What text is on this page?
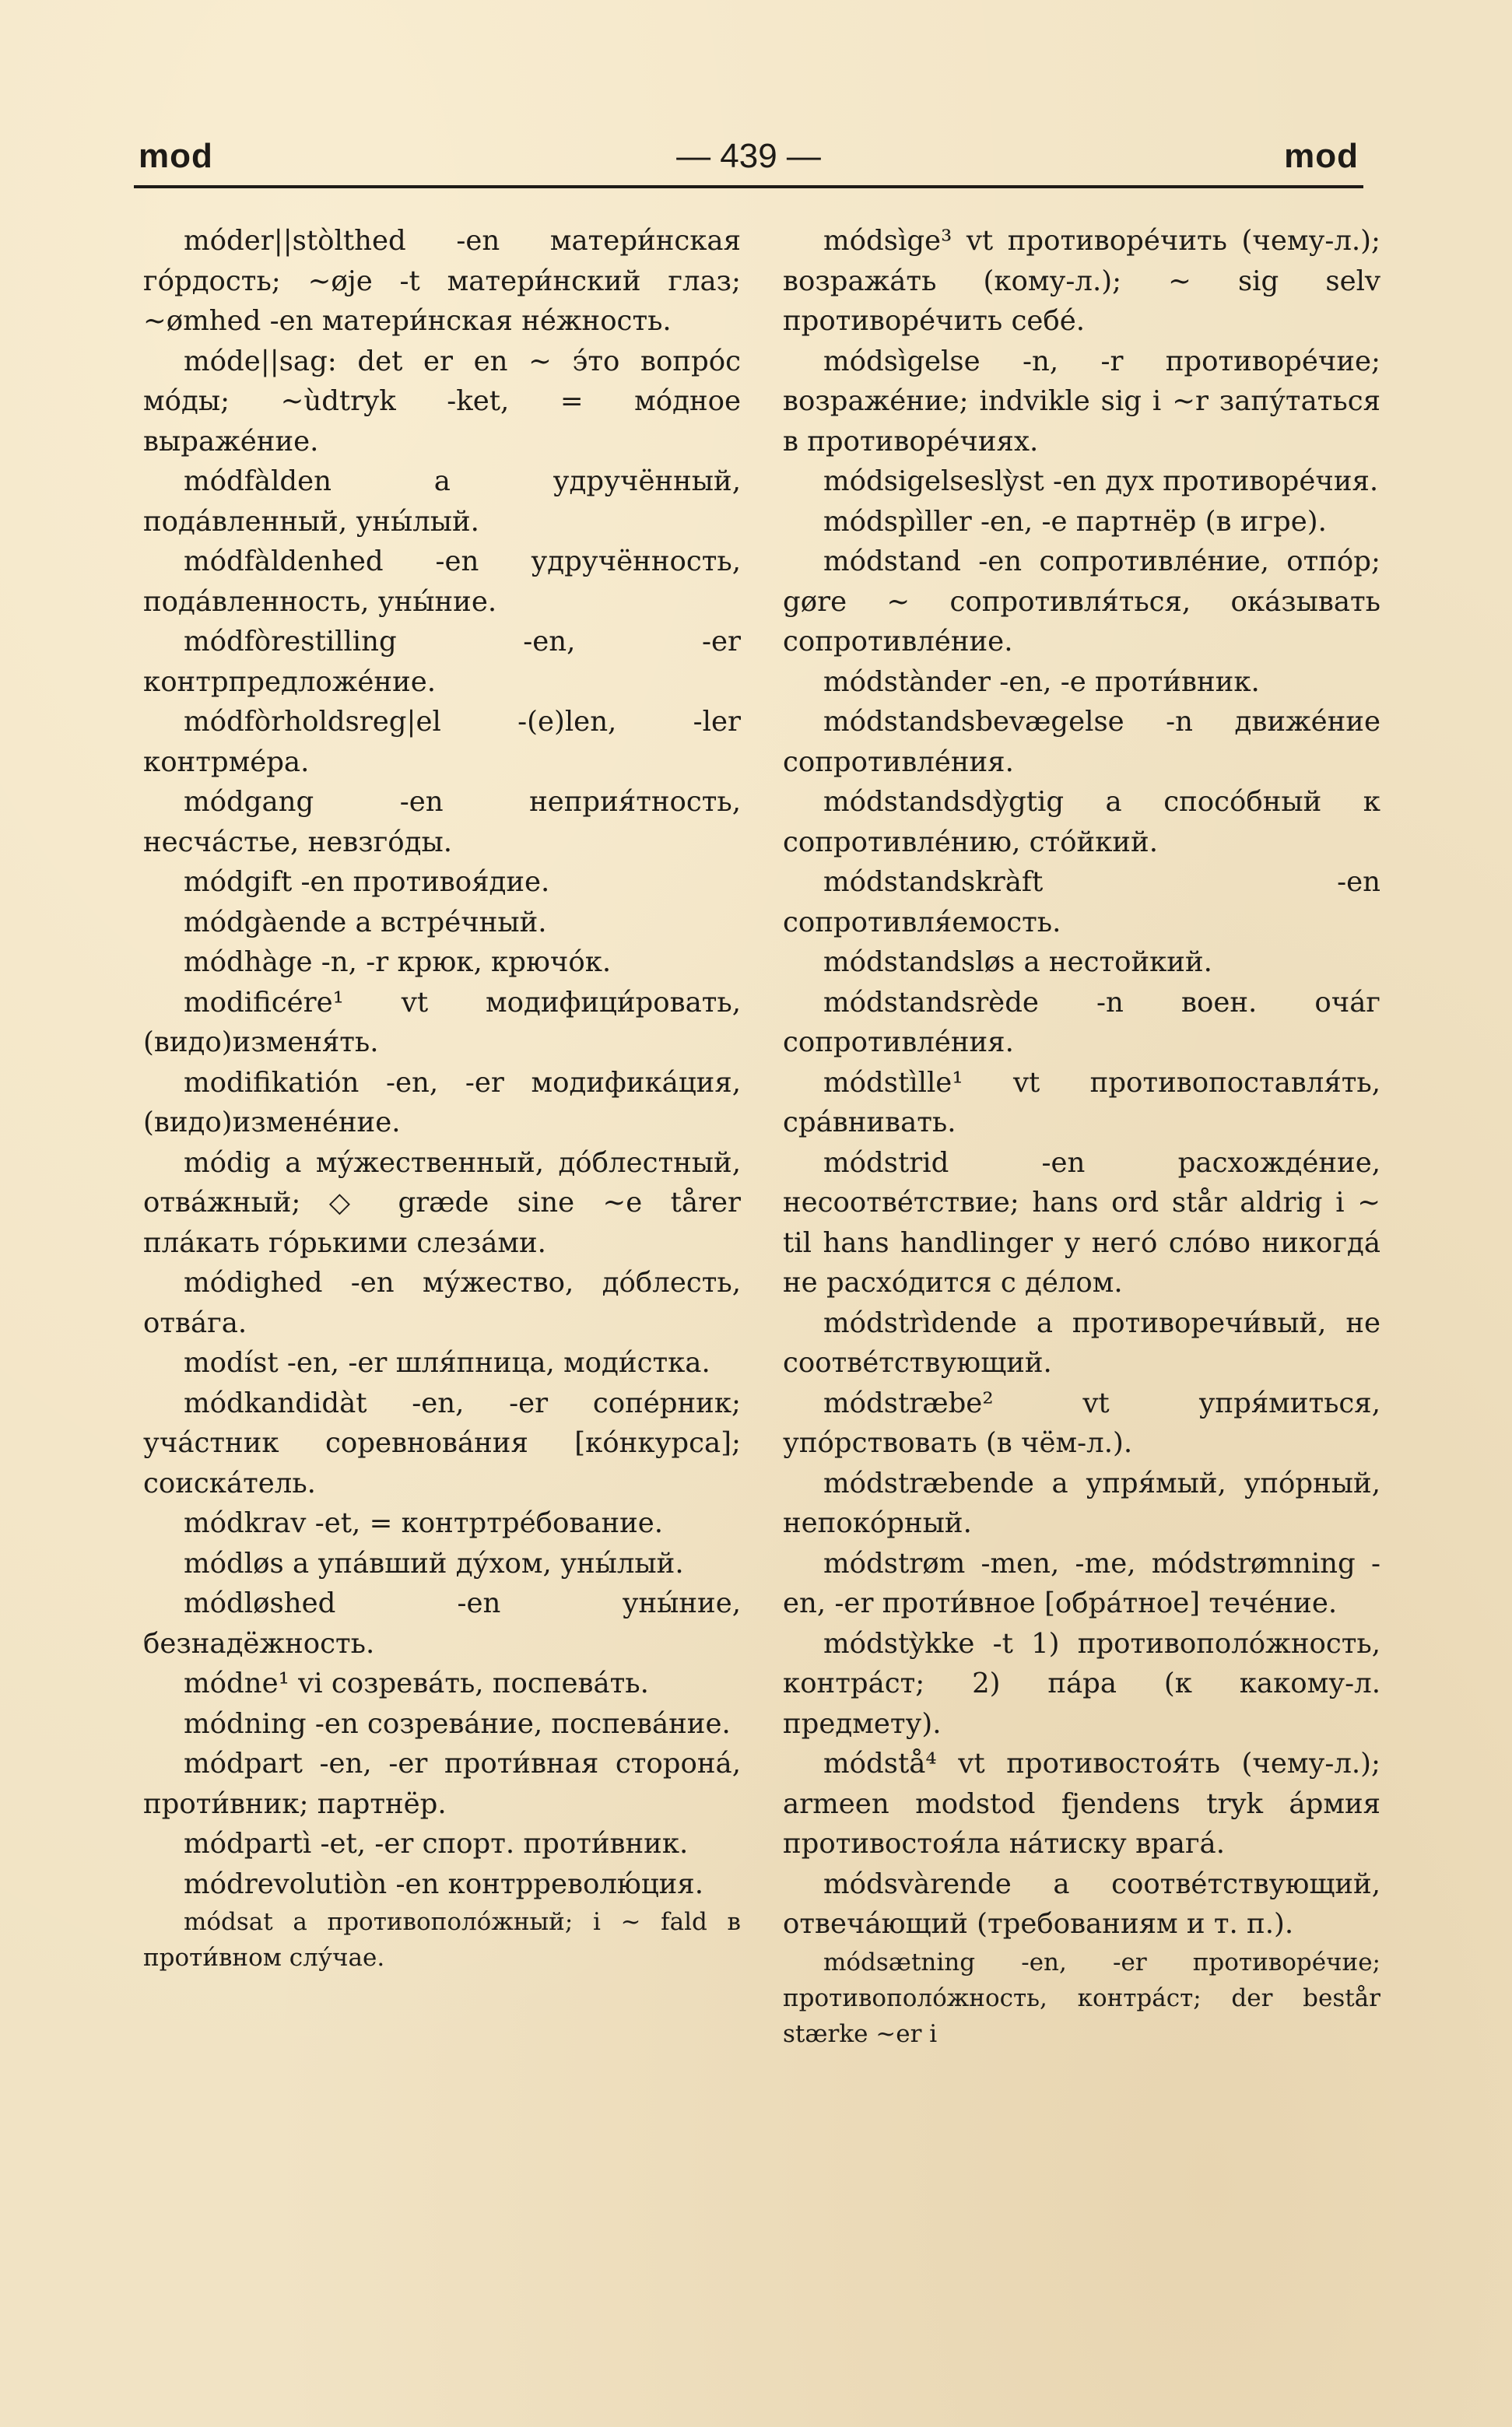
mod	— 439 —	mod
móder||stòlthed -en матери́нская го́рдость; ~øje -t матери́нский глаз; ~ømhed -en матери́нская не́жность.
móde||sag: det er en ~ э́то вопро́с мо́ды; ~ùdtryk -ket, = мо́дное выраже́ние.
módfàlden a удручённый, пода́вленный, уны́лый.
módfàldenhed -en удручённость, пода́вленность, уны́ние.
módfòrestilling -en, -er контрпредложе́ние.
módfòrholdsreg|el -(e)len, -ler контрме́ра.
módgang -en неприя́тность, несча́стье, невзго́ды.
módgift -en противоя́дие.
módgàende a встре́чный.
módhàge -n, -r крюк, крючо́к.
modificére¹ vt модифици́ровать, (видо)изменя́ть.
modifikatión -en, -er модифика́ция, (видо)измене́ние.
módig a му́жественный, до́блестный, отва́жный; ◇ græde sine ~e tårer пла́кать го́рькими слеза́ми.
módighed -en му́жество, до́блесть, отва́га.
modíst -en, -er шля́пница, моди́стка.
módkandidàt -en, -er сопе́рник; уча́стник соревнова́ния [ко́нкурса]; соиска́тель.
módkrav -et, = контртре́бование.
módløs a упа́вший ду́хом, уны́лый.
módløshed -en уны́ние, безнадёжность.
módne¹ vi созрева́ть, поспева́ть.
módning -en созрева́ние, поспева́ние.
módpart -en, -er проти́вная сторона́, проти́вник; партнёр.
módpartì -et, -er спорт. проти́вник.
módrevolutiòn -en контрреволю́ция.
módsat a противополо́жный; i ~ fald в проти́вном слу́чае.
módsìge³ vt противоре́чить (чему-л.); возража́ть (кому-л.); ~ sig selv противоре́чить себе́.
módsìgelse -n, -r противоре́чие; возраже́ние; indvikle sig i ~r запу́таться в противоре́чиях.
módsigelseslỳst -en дух противоре́чия.
módspìller -en, -e партнёр (в игре).
módstand -en сопротивле́ние, отпо́р; gøre ~ сопротивля́ться, ока́зывать сопротивле́ние.
módstànder -en, -e проти́вник.
módstandsbevægelse -n движе́ние сопротивле́ния.
módstandsdỳgtig a спосо́бный к сопротивле́нию, сто́йкий.
módstandskràft -en сопротивля́емость.
módstandsløs a нестойкий.
módstandsrède -n воен. оча́г сопротивле́ния.
módstìlle¹ vt противопоставля́ть, сра́внивать.
módstrid -en расхожде́ние, несоотве́тствие; hans ord står aldrig i ~ til hans handlinger у него́ сло́во никогда́ не расхо́дится с де́лом.
módstrìdende a противоречи́вый, не соотве́тствующий.
módstræbe² vt упря́миться, упо́рствовать (в чём-л.).
módstræbende a упря́мый, упо́рный, непоко́рный.
módstrøm -men, -me, módstrømning -en, -er проти́вное [обра́тное] тече́ние.
módstỳkke -t 1) противополо́жность, контра́ст; 2) па́ра (к какому-л. предмету).
módstå⁴ vt противостоя́ть (чему-л.); armeen modstod fjendens tryk а́рмия противостоя́ла на́тиску врага́.
módsvàrende a соотве́тствующий, отвеча́ющий (требованиям и т. п.).
módsætning -en, -er противоре́чие; противополо́жность, контра́ст; der består stærke ~er i
